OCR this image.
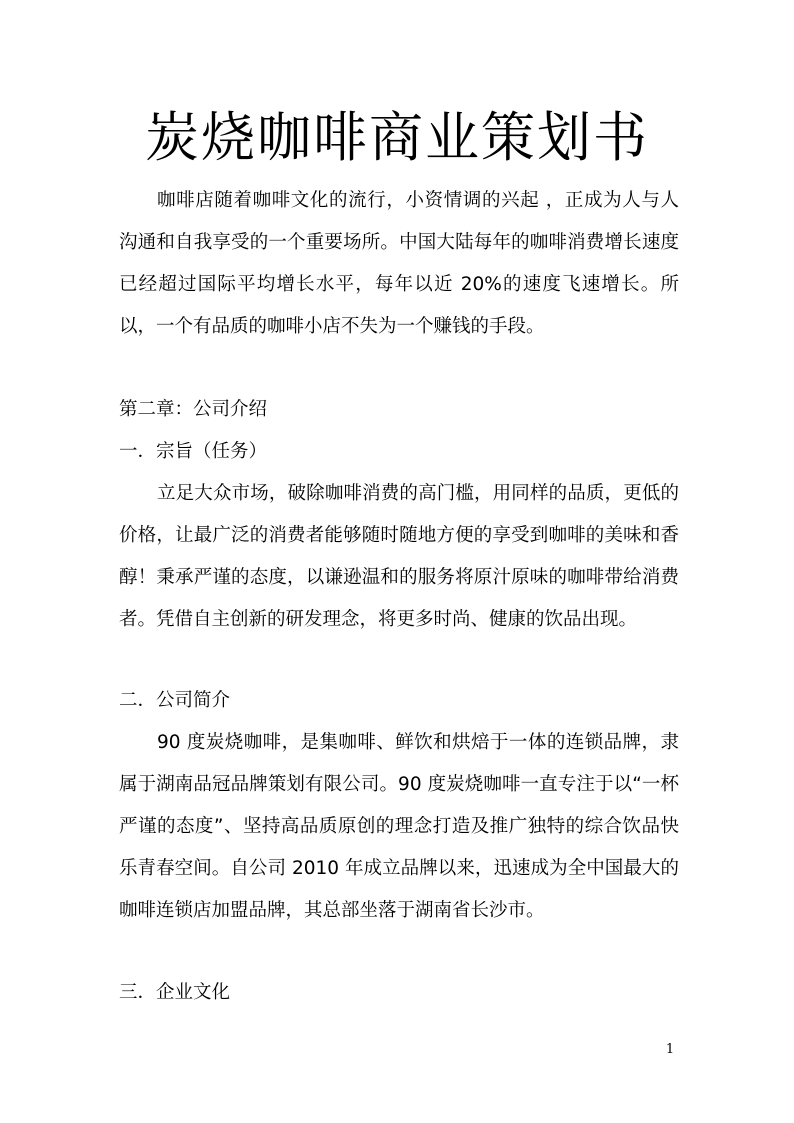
炭烧咖啡商业策划书

咖啡店随着咖啡文化的流行，小资情调的兴起 ，正成为人与人沟通和自我享受的一个重要场所。中国大陆每年的咖啡消费增长速度已经超过国际平均增长水平，每年以近 20%的速度飞速增长。所以，一个有品质的咖啡小店不失为一个赚钱的手段。

第二章：公司介绍
一．宗旨（任务）

立足大众市场，破除咖啡消费的高门槛，用同样的品质，更低的价格，让最广泛的消费者能够随时随地方便的享受到咖啡的美味和香醇！秉承严谨的态度，以谦逊温和的服务将原汁原味的咖啡带给消费者。凭借自主创新的研发理念，将更多时尚、健康的饮品出现。

二．公司简介

90 度炭烧咖啡，是集咖啡、鲜饮和烘焙于一体的连锁品牌，隶属于湖南品冠品牌策划有限公司。90 度炭烧咖啡一直专注于以“一杯严谨的态度”、坚持高品质原创的理念打造及推广独特的综合饮品快乐青春空间。自公司 2010 年成立品牌以来，迅速成为全中国最大的咖啡连锁店加盟品牌，其总部坐落于湖南省长沙市。

三．企业文化
1
